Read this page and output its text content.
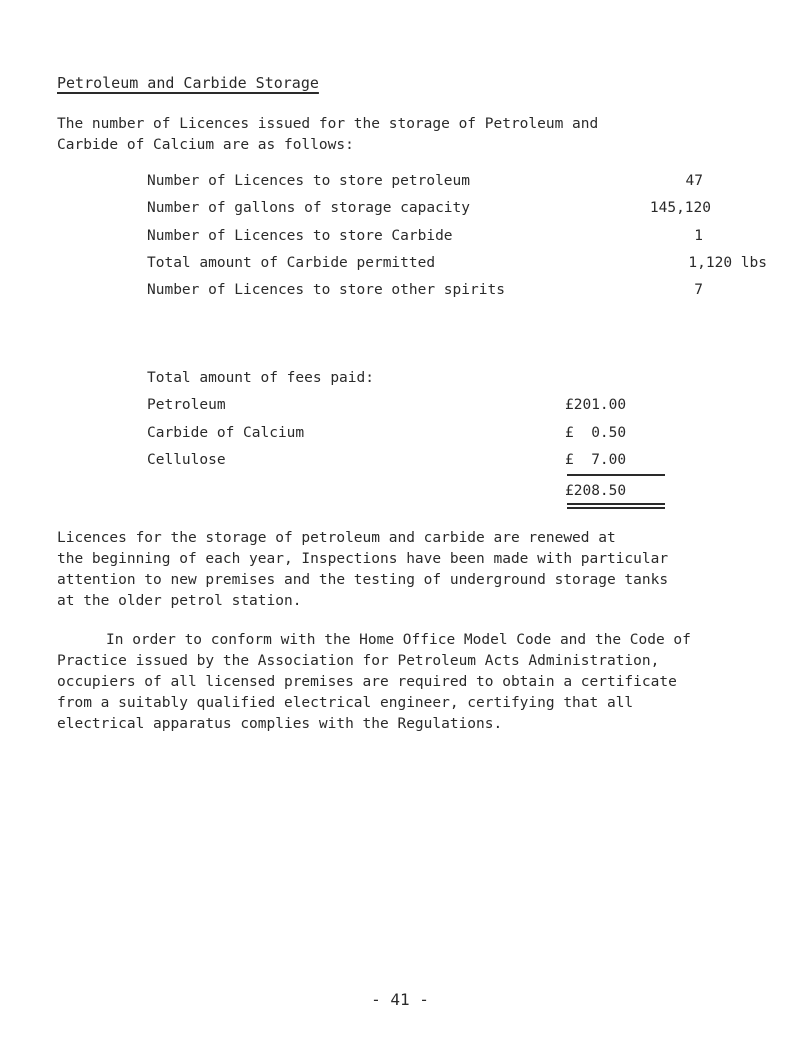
Petroleum and Carbide Storage

The number of Licences issued for the storage of Petroleum and
Carbide of Calcium are as follows:

Number of Licences to store petroleum	47
Number of gallons of storage capacity	145,120
Number of Licences to store Carbide	1
Total amount of Carbide permitted	1,120 lbs
Number of Licences to store other spirits	7
Total amount of fees paid:
Petroleum	£201.00
Carbide of Calcium	£  0.50
Cellulose	£  7.00
£208.50

Licences for the storage of petroleum and carbide are renewed at
the beginning of each year, Inspections have been made with particular
attention to new premises and the testing of underground storage tanks
at the older petrol station.

In order to conform with the Home Office Model Code and the Code of
Practice issued by the Association for Petroleum Acts Administration,
occupiers of all licensed premises are required to obtain a certificate
from a suitably qualified electrical engineer, certifying that all
electrical apparatus complies with the Regulations.

- 41 -
